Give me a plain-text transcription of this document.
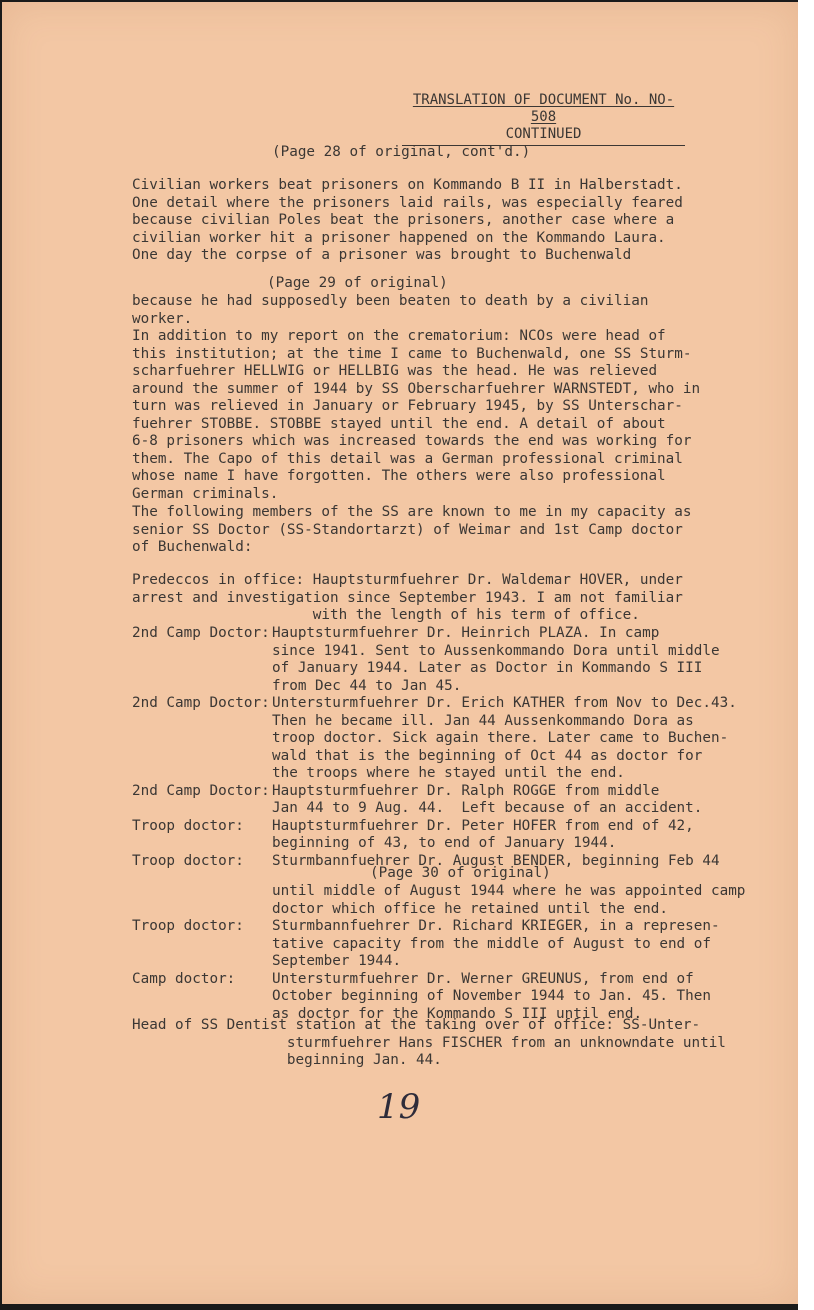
TRANSLATION OF DOCUMENT No. NO-508
CONTINUED
(Page 28 of original, cont'd.)
Civilian workers beat prisoners on Kommando B II in Halberstadt.
One detail where the prisoners laid rails, was especially feared
because civilian Poles beat the prisoners, another case where a
civilian worker hit a prisoner happened on the Kommando Laura.
One day the corpse of a prisoner was brought to Buchenwald
(Page 29 of original)
because he had supposedly been beaten to death by a civilian
worker.
In addition to my report on the crematorium: NCOs were head of
this institution; at the time I came to Buchenwald, one SS Sturm-
scharfuehrer HELLWIG or HELLBIG was the head. He was relieved
around the summer of 1944 by SS Oberscharfuehrer WARNSTEDT, who in
turn was relieved in January or February 1945, by SS Unterschar-
fuehrer STOBBE. STOBBE stayed until the end. A detail of about
6-8 prisoners which was increased towards the end was working for
them. The Capo of this detail was a German professional criminal
whose name I have forgotten. The others were also professional
German criminals.
The following members of the SS are known to me in my capacity as
senior SS Doctor (SS-Standortarzt) of Weimar and 1st Camp doctor
of Buchenwald:
Predeccos in office: Hauptsturmfuehrer Dr. Waldemar HOVER, under
arrest and investigation since September 1943. I am not familiar
with the length of his term of office.
2nd Camp Doctor: Hauptsturmfuehrer Dr. Heinrich PLAZA. In camp
since 1941. Sent to Aussenkommando Dora until middle
of January 1944. Later as Doctor in Kommando S III
from Dec 44 to Jan 45.
2nd Camp Doctor: Untersturmfuehrer Dr. Erich KATHER from Nov to Dec.43.
Then he became ill. Jan 44 Aussenkommando Dora as
troop doctor. Sick again there. Later came to Buchen-
wald that is the beginning of Oct 44 as doctor for
the troops where he stayed until the end.
2nd Camp Doctor: Hauptsturmfuehrer Dr. Ralph ROGGE from middle
Jan 44 to 9 Aug. 44.  Left because of an accident.
Troop doctor: Hauptsturmfuehrer Dr. Peter HOFER from end of 42,
beginning of 43, to end of January 1944.
Troop doctor: Sturmbannfuehrer Dr. August BENDER, beginning Feb 44
(Page 30 of original)
until middle of August 1944 where he was appointed camp
doctor which office he retained until the end.
Troop doctor: Sturmbannfuehrer Dr. Richard KRIEGER, in a represen-
tative capacity from the middle of August to end of
September 1944.
Camp doctor:	Untersturmfuehrer Dr. Werner GREUNUS, from end of
October beginning of November 1944 to Jan. 45. Then
as doctor for the Kommando S III until end.
Head of SS Dentist station at the taking over of office: SS-Unter-
sturmfuehrer Hans FISCHER from an unknowndate until
beginning Jan. 44.
19
